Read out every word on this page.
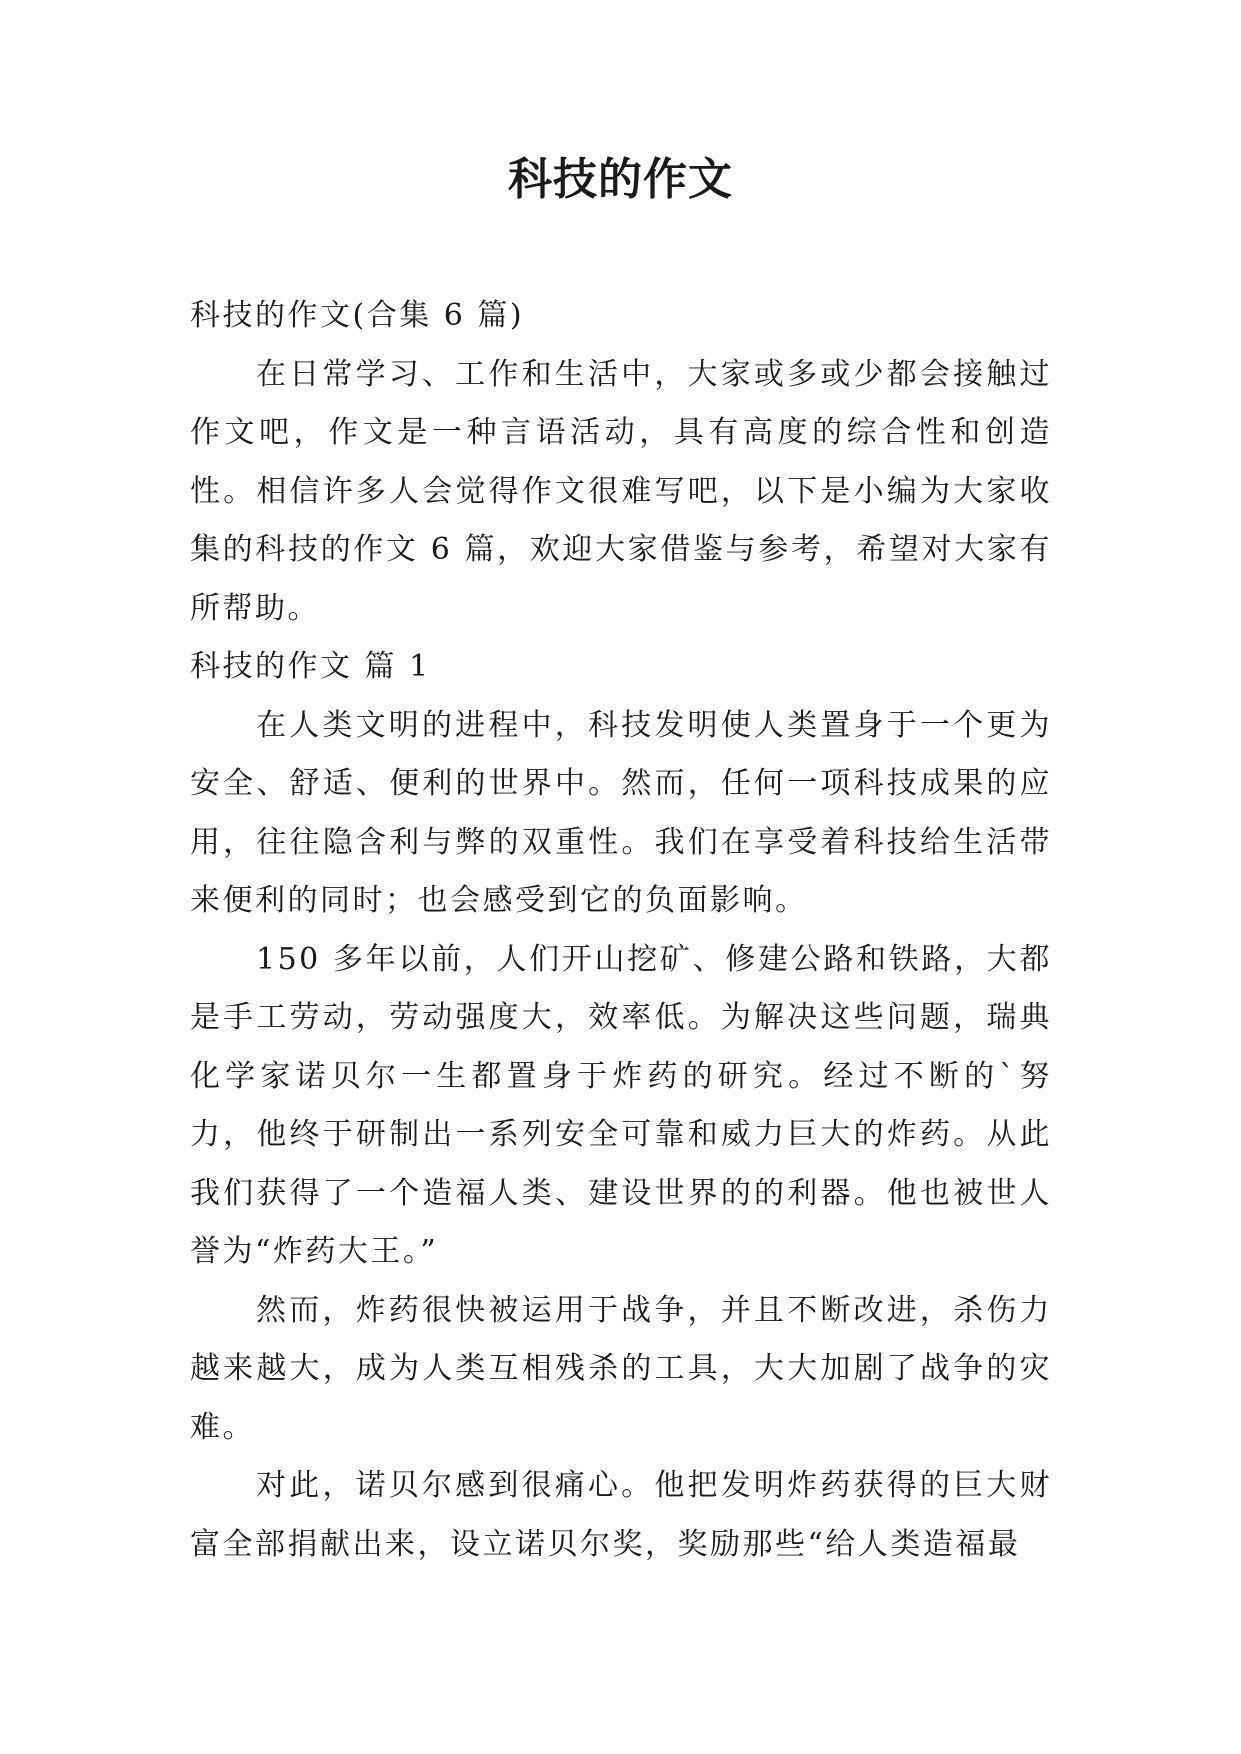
科技的作文

科技的作文(合集 6 篇)

在日常学习、工作和生活中，大家或多或少都会接触过作文吧，作文是一种言语活动，具有高度的综合性和创造性。相信许多人会觉得作文很难写吧，以下是小编为大家收集的科技的作文 6 篇，欢迎大家借鉴与参考，希望对大家有所帮助。

科技的作文 篇 1

在人类文明的进程中，科技发明使人类置身于一个更为安全、舒适、便利的世界中。然而，任何一项科技成果的应用，往往隐含利与弊的双重性。我们在享受着科技给生活带来便利的同时；也会感受到它的负面影响。

150 多年以前，人们开山挖矿、修建公路和铁路，大都是手工劳动，劳动强度大，效率低。为解决这些问题，瑞典化学家诺贝尔一生都置身于炸药的研究。经过不断的`努力，他终于研制出一系列安全可靠和威力巨大的炸药。从此我们获得了一个造福人类、建设世界的的利器。他也被世人誉为“炸药大王。”

然而，炸药很快被运用于战争，并且不断改进，杀伤力越来越大，成为人类互相残杀的工具，大大加剧了战争的灾难。

对此，诺贝尔感到很痛心。他把发明炸药获得的巨大财富全部捐献出来，设立诺贝尔奖，奖励那些“给人类造福最
